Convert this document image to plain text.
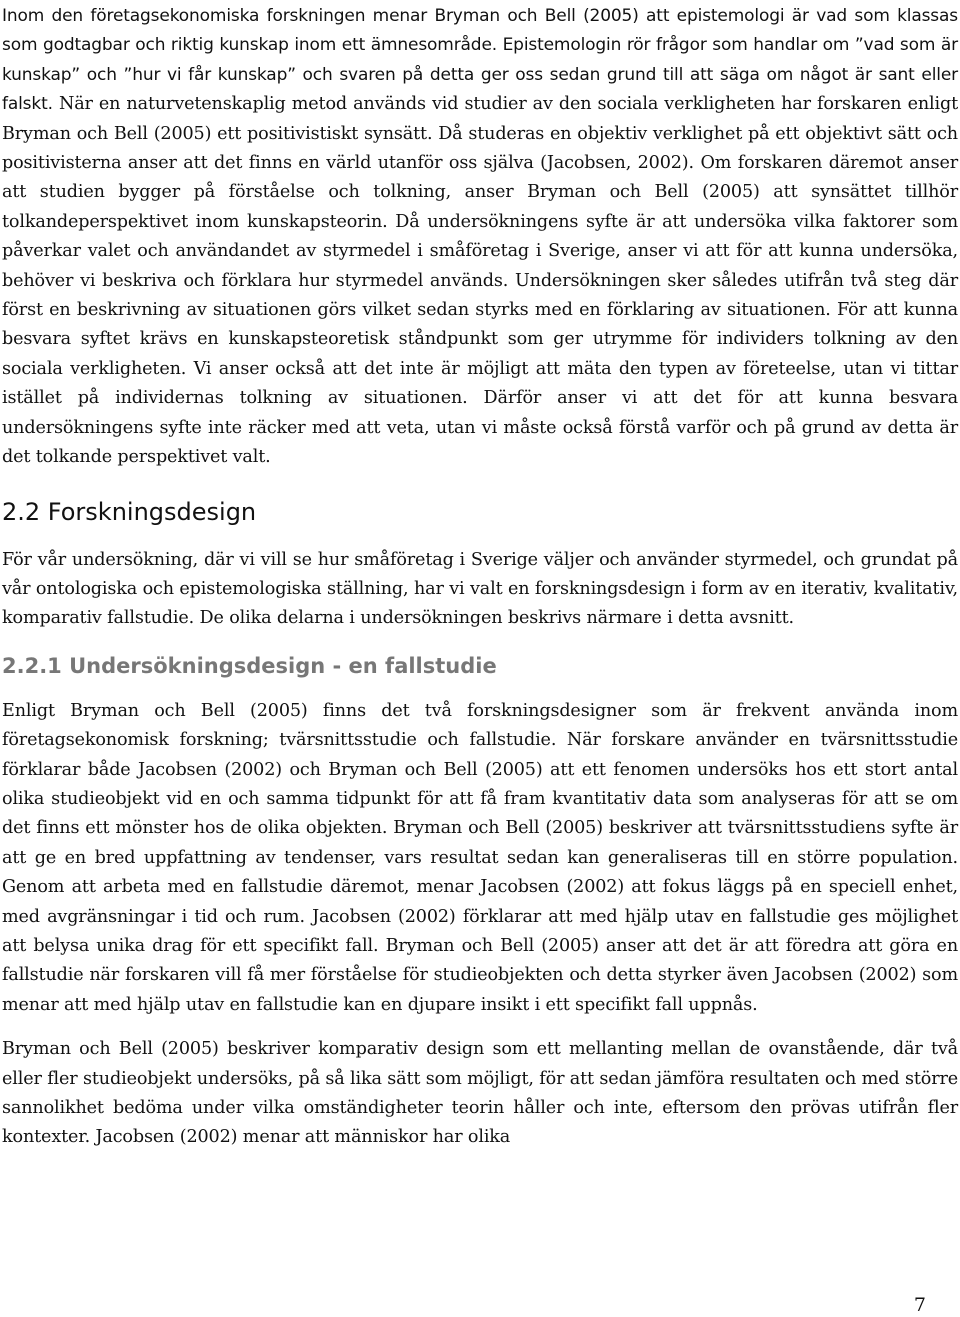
Inom den företagsekonomiska forskningen menar Bryman och Bell (2005) att epistemologi är vad som klassas som godtagbar och riktig kunskap inom ett ämnesområde. Epistemologin rör frågor som handlar om ”vad som är kunskap” och ”hur vi får kunskap” och svaren på detta ger oss sedan grund till att säga om något är sant eller falskt. När en naturvetenskaplig metod används vid studier av den sociala verkligheten har forskaren enligt Bryman och Bell (2005) ett positivistiskt synsätt. Då studeras en objektiv verklighet på ett objektivt sätt och positivisterna anser att det finns en värld utanför oss själva (Jacobsen, 2002). Om forskaren däremot anser att studien bygger på förståelse och tolkning, anser Bryman och Bell (2005) att synsättet tillhör tolkandeperspektivet inom kunskapsteorin. Då undersökningens syfte är att undersöka vilka faktorer som påverkar valet och användandet av styrmedel i småföretag i Sverige, anser vi att för att kunna undersöka, behöver vi beskriva och förklara hur styrmedel används. Undersökningen sker således utifrån två steg där först en beskrivning av situationen görs vilket sedan styrks med en förklaring av situationen. För att kunna besvara syftet krävs en kunskapsteoretisk ståndpunkt som ger utrymme för individers tolkning av den sociala verkligheten. Vi anser också att det inte är möjligt att mäta den typen av företeelse, utan vi tittar istället på individernas tolkning av situationen. Därför anser vi att det för att kunna besvara undersökningens syfte inte räcker med att veta, utan vi måste också förstå varför och på grund av detta är det tolkande perspektivet valt.

2.2 Forskningsdesign

För vår undersökning, där vi vill se hur småföretag i Sverige väljer och använder styrmedel, och grundat på vår ontologiska och epistemologiska ställning, har vi valt en forskningsdesign i form av en iterativ, kvalitativ, komparativ fallstudie. De olika delarna i undersökningen beskrivs närmare i detta avsnitt.

2.2.1 Undersökningsdesign - en fallstudie

Enligt Bryman och Bell (2005) finns det två forskningsdesigner som är frekvent använda inom företagsekonomisk forskning; tvärsnittsstudie och fallstudie. När forskare använder en tvärsnittsstudie förklarar både Jacobsen (2002) och Bryman och Bell (2005) att ett fenomen undersöks hos ett stort antal olika studieobjekt vid en och samma tidpunkt för att få fram kvantitativ data som analyseras för att se om det finns ett mönster hos de olika objekten. Bryman och Bell (2005) beskriver att tvärsnittsstudiens syfte är att ge en bred uppfattning av tendenser, vars resultat sedan kan generaliseras till en större population. Genom att arbeta med en fallstudie däremot, menar Jacobsen (2002) att fokus läggs på en speciell enhet, med avgränsningar i tid och rum. Jacobsen (2002) förklarar att med hjälp utav en fallstudie ges möjlighet att belysa unika drag för ett specifikt fall. Bryman och Bell (2005) anser att det är att föredra att göra en fallstudie när forskaren vill få mer förståelse för studieobjekten och detta styrker även Jacobsen (2002) som menar att med hjälp utav en fallstudie kan en djupare insikt i ett specifikt fall uppnås.

Bryman och Bell (2005) beskriver komparativ design som ett mellanting mellan de ovanstående, där två eller fler studieobjekt undersöks, på så lika sätt som möjligt, för att sedan jämföra resultaten och med större sannolikhet bedöma under vilka omständigheter teorin håller och inte, eftersom den prövas utifrån fler kontexter. Jacobsen (2002) menar att människor har olika

7
